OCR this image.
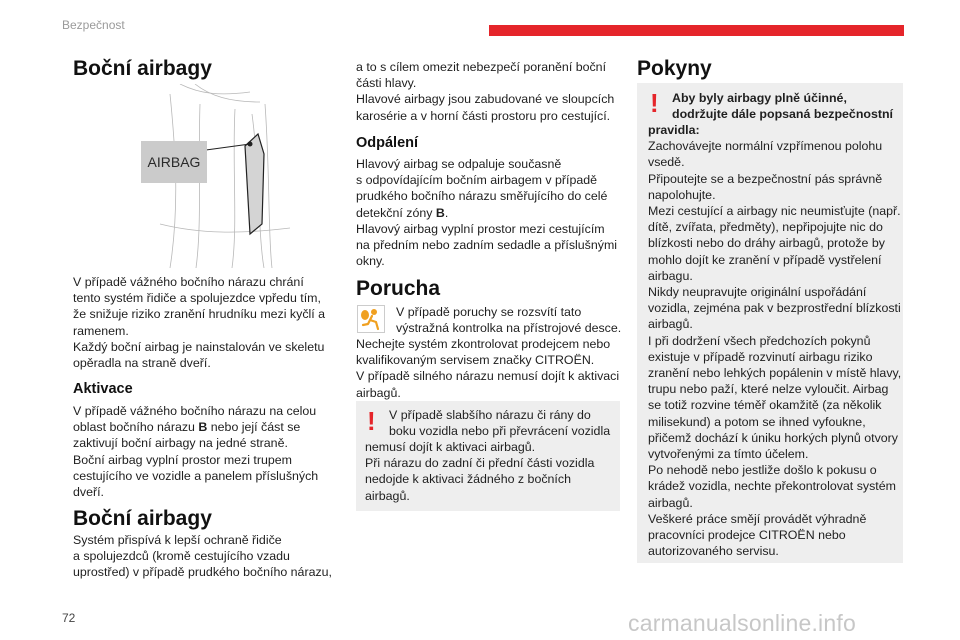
Bezpečnost
Boční airbagy
AIRBAG

V případě vážného bočního nárazu chrání
tento systém řidiče a spolujezdce vpředu tím,
že snižuje riziko zranění hrudníku mezi kyčlí a
ramenem.
Každý boční airbag je nainstalován ve skeletu
opěradla na straně dveří.

Aktivace

V případě vážného bočního nárazu na celou
oblast bočního nárazu B nebo její část se
zaktivují boční airbagy na jedné straně.
Boční airbag vyplní prostor mezi trupem
cestujícího ve vozidle a panelem příslušných
dveří.

Boční airbagy

Systém přispívá k lepší ochraně řidiče
a spolujezdců (kromě cestujícího vzadu
uprostřed) v případě prudkého bočního nárazu,

a to s cílem omezit nebezpečí poranění boční
části hlavy.
Hlavové airbagy jsou zabudované ve sloupcích
karosérie a v horní části prostoru pro cestující.

Odpálení

Hlavový airbag se odpaluje současně
s odpovídajícím bočním airbagem v případě
prudkého bočního nárazu směřujícího do celé
detekční zóny B.
Hlavový airbag vyplní prostor mezi cestujícím
na předním nebo zadním sedadle a příslušnými
okny.

Porucha

V případě poruchy se rozsvítí tato
výstražná kontrolka na přístrojové desce.

Nechejte systém zkontrolovat prodejcem nebo
kvalifikovaným servisem značky CITROËN.
V případě silného nárazu nemusí dojít k aktivaci
airbagů.

! V případě slabšího nárazu či rány do
boku vozidla nebo při převrácení vozidla

nemusí dojít k aktivaci airbagů.
Při nárazu do zadní či přední části vozidla
nedojde k aktivaci žádného z bočních
airbagů.

Pokyny
! Aby byly airbagy plně účinné,
dodržujte dále popsaná bezpečnostní

pravidla:
Zachovávejte normální vzpřímenou polohu
vsedě.
Připoutejte se a bezpečnostní pás správně
napolohujte.
Mezi cestující a airbagy nic neumisťujte (např.
dítě, zvířata, předměty), nepřipojujte nic do
blízkosti nebo do dráhy airbagů, protože by
mohlo dojít ke zranění v případě vystřelení
airbagu.
Nikdy neupravujte originální uspořádání
vozidla, zejména pak v bezprostřední blízkosti
airbagů.
I při dodržení všech předchozích pokynů
existuje v případě rozvinutí airbagu riziko
zranění nebo lehkých popálenin v místě hlavy,
trupu nebo paží, které nelze vyloučit. Airbag
se totiž rozvine téměř okamžitě (za několik
milisekund) a potom se ihned vyfoukne,
přičemž dochází k úniku horkých plynů otvory
vytvořenými za tímto účelem.
Po nehodě nebo jestliže došlo k pokusu o
krádež vozidla, nechte překontrolovat systém
airbagů.
Veškeré práce smějí provádět výhradně
pracovníci prodejce CITROËN nebo
autorizovaného servisu.

72	carmanualsonline.info
